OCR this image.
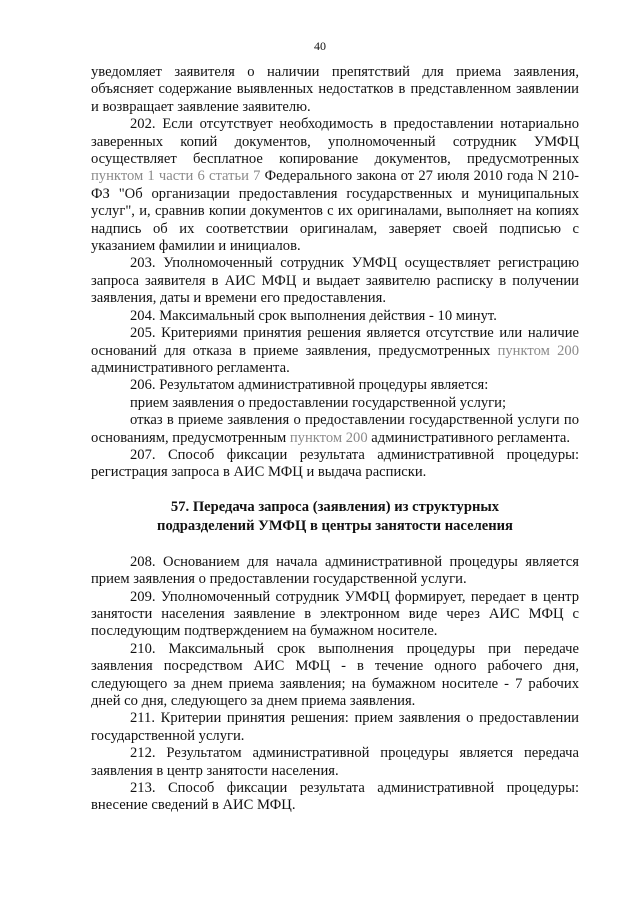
40

уведомляет заявителя о наличии препятствий для приема заявления, объясняет содержание выявленных недостатков в представленном заявлении и возвращает заявление заявителю.

202. Если отсутствует необходимость в предоставлении нотариально заверенных копий документов, уполномоченный сотрудник УМФЦ осуществляет бесплатное копирование документов, предусмотренных пунктом 1 части 6 статьи 7 Федерального закона от 27 июля 2010 года N 210-ФЗ "Об организации предоставления государственных и муниципальных услуг", и, сравнив копии документов с их оригиналами, выполняет на копиях надпись об их соответствии оригиналам, заверяет своей подписью с указанием фамилии и инициалов.

203. Уполномоченный сотрудник УМФЦ осуществляет регистрацию запроса заявителя в АИС МФЦ и выдает заявителю расписку в получении заявления, даты и времени его предоставления.

204. Максимальный срок выполнения действия - 10 минут.

205. Критериями принятия решения является отсутствие или наличие оснований для отказа в приеме заявления, предусмотренных пунктом 200 административного регламента.

206. Результатом административной процедуры является:

прием заявления о предоставлении государственной услуги;

отказ в приеме заявления о предоставлении государственной услуги по основаниям, предусмотренным пунктом 200 административного регламента.

207. Способ фиксации результата административной процедуры: регистрация запроса в АИС МФЦ и выдача расписки.

57. Передача запроса (заявления) из структурных
подразделений УМФЦ в центры занятости населения

208. Основанием для начала административной процедуры является прием заявления о предоставлении государственной услуги.

209. Уполномоченный сотрудник УМФЦ формирует, передает в центр занятости населения заявление в электронном виде через АИС МФЦ с последующим подтверждением на бумажном носителе.

210. Максимальный срок выполнения процедуры при передаче заявления посредством АИС МФЦ - в течение одного рабочего дня, следующего за днем приема заявления; на бумажном носителе - 7 рабочих дней со дня, следующего за днем приема заявления.

211. Критерии принятия решения: прием заявления о предоставлении государственной услуги.

212. Результатом административной процедуры является передача заявления в центр занятости населения.

213. Способ фиксации результата административной процедуры: внесение сведений в АИС МФЦ.
